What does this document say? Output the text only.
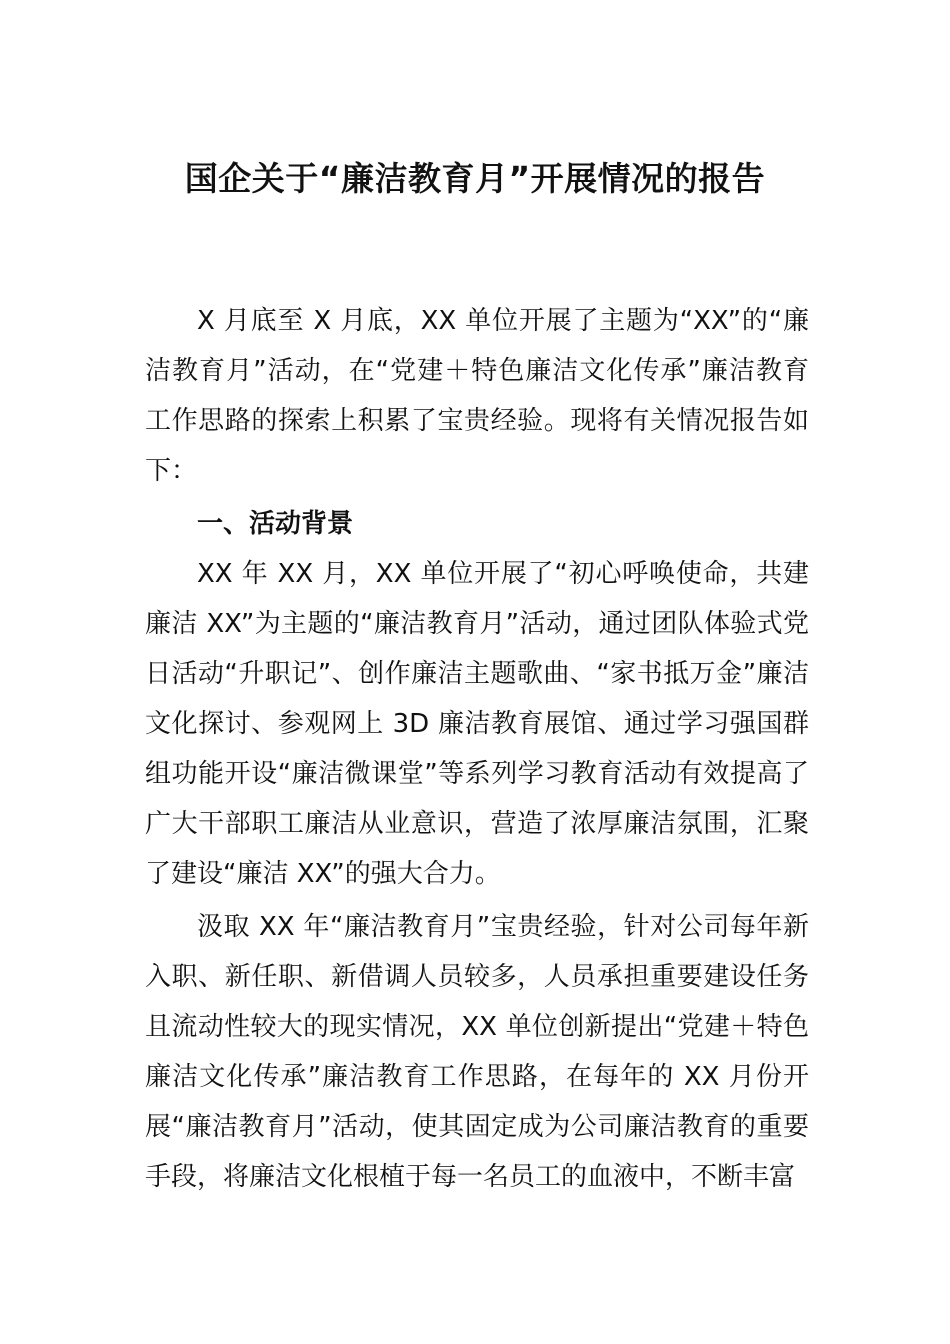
国企关于“廉洁教育月”开展情况的报告

X 月底至 X 月底，XX 单位开展了主题为“XX”的“廉洁教育月”活动，在“党建＋特色廉洁文化传承”廉洁教育工作思路的探索上积累了宝贵经验。现将有关情况报告如下：

一、活动背景

XX 年 XX 月，XX 单位开展了“初心呼唤使命，共建廉洁 XX”为主题的“廉洁教育月”活动，通过团队体验式党日活动“升职记”、创作廉洁主题歌曲、“家书抵万金”廉洁文化探讨、参观网上 3D 廉洁教育展馆、通过学习强国群组功能开设“廉洁微课堂”等系列学习教育活动有效提高了广大干部职工廉洁从业意识，营造了浓厚廉洁氛围，汇聚了建设“廉洁 XX”的强大合力。

汲取 XX 年“廉洁教育月”宝贵经验，针对公司每年新入职、新任职、新借调人员较多，人员承担重要建设任务且流动性较大的现实情况，XX 单位创新提出“党建＋特色廉洁文化传承”廉洁教育工作思路，在每年的 XX 月份开展“廉洁教育月”活动，使其固定成为公司廉洁教育的重要手段，将廉洁文化根植于每一名员工的血液中，不断丰富
